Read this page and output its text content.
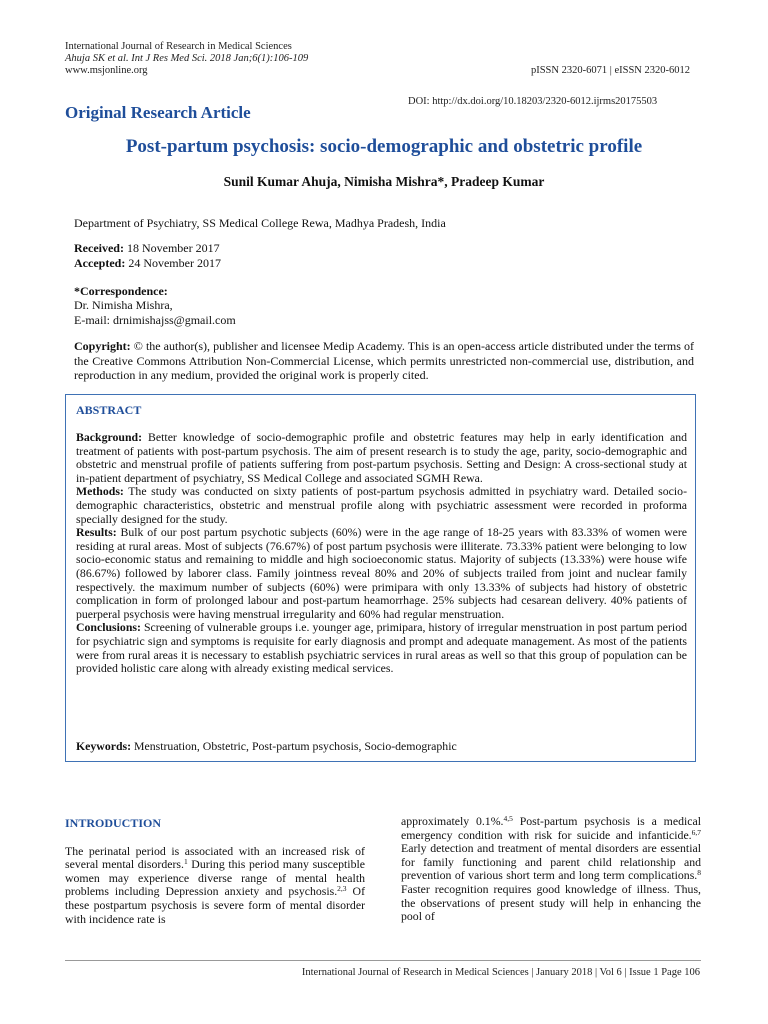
International Journal of Research in Medical Sciences
Ahuja SK et al. Int J Res Med Sci. 2018 Jan;6(1):106-109
www.msjonline.org	pISSN 2320-6071 | eISSN 2320-6012
DOI: http://dx.doi.org/10.18203/2320-6012.ijrms20175503
Original Research Article
Post-partum psychosis: socio-demographic and obstetric profile
Sunil Kumar Ahuja, Nimisha Mishra*, Pradeep Kumar
Department of Psychiatry, SS Medical College Rewa, Madhya Pradesh, India
Received: 18 November 2017
Accepted: 24 November 2017
*Correspondence:
Dr. Nimisha Mishra,
E-mail: drnimishajss@gmail.com
Copyright: © the author(s), publisher and licensee Medip Academy. This is an open-access article distributed under the terms of the Creative Commons Attribution Non-Commercial License, which permits unrestricted non-commercial use, distribution, and reproduction in any medium, provided the original work is properly cited.
ABSTRACT

Background: Better knowledge of socio-demographic profile and obstetric features may help in early identification and treatment of patients with post-partum psychosis. The aim of present research is to study the age, parity, socio-demographic and obstetric and menstrual profile of patients suffering from post-partum psychosis. Setting and Design: A cross-sectional study at in-patient department of psychiatry, SS Medical College and associated SGMH Rewa.

Methods: The study was conducted on sixty patients of post-partum psychosis admitted in psychiatry ward. Detailed socio-demographic characteristics, obstetric and menstrual profile along with psychiatric assessment were recorded in proforma specially designed for the study.

Results: Bulk of our post partum psychotic subjects (60%) were in the age range of 18-25 years with 83.33% of women were residing at rural areas. Most of subjects (76.67%) of post partum psychosis were illiterate. 73.33% patient were belonging to low socio-economic status and remaining to middle and high socioeconomic status. Majority of subjects (13.33%) were house wife (86.67%) followed by laborer class. Family jointness reveal 80% and 20% of subjects trailed from joint and nuclear family respectively. the maximum number of subjects (60%) were primipara with only 13.33% of subjects had history of obstetric complication in form of prolonged labour and post-partum heamorrhage. 25% subjects had cesarean delivery. 40% patients of puerperal psychosis were having menstrual irregularity and 60% had regular menstruation.

Conclusions: Screening of vulnerable groups i.e. younger age, primipara, history of irregular menstruation in post partum period for psychiatric sign and symptoms is requisite for early diagnosis and prompt and adequate management. As most of the patients were from rural areas it is necessary to establish psychiatric services in rural areas as well so that this group of population can be provided holistic care along with already existing medical services.

Keywords: Menstruation, Obstetric, Post-partum psychosis, Socio-demographic
INTRODUCTION

The perinatal period is associated with an increased risk of several mental disorders.$^1$ During this period many susceptible women may experience diverse range of mental health problems including Depression anxiety and psychosis.$^{2,3}$ Of these postpartum psychosis is severe form of mental disorder with incidence rate is

approximately 0.1%.$^{4,5}$ Post-partum psychosis is a medical emergency condition with risk for suicide and infanticide.$^{6,7}$ Early detection and treatment of mental disorders are essential for family functioning and parent child relationship and prevention of various short term and long term complications.$^8$ Faster recognition requires good knowledge of illness. Thus, the observations of present study will help in enhancing the pool of

International Journal of Research in Medical Sciences | January 2018 | Vol 6 | Issue 1 Page 106
